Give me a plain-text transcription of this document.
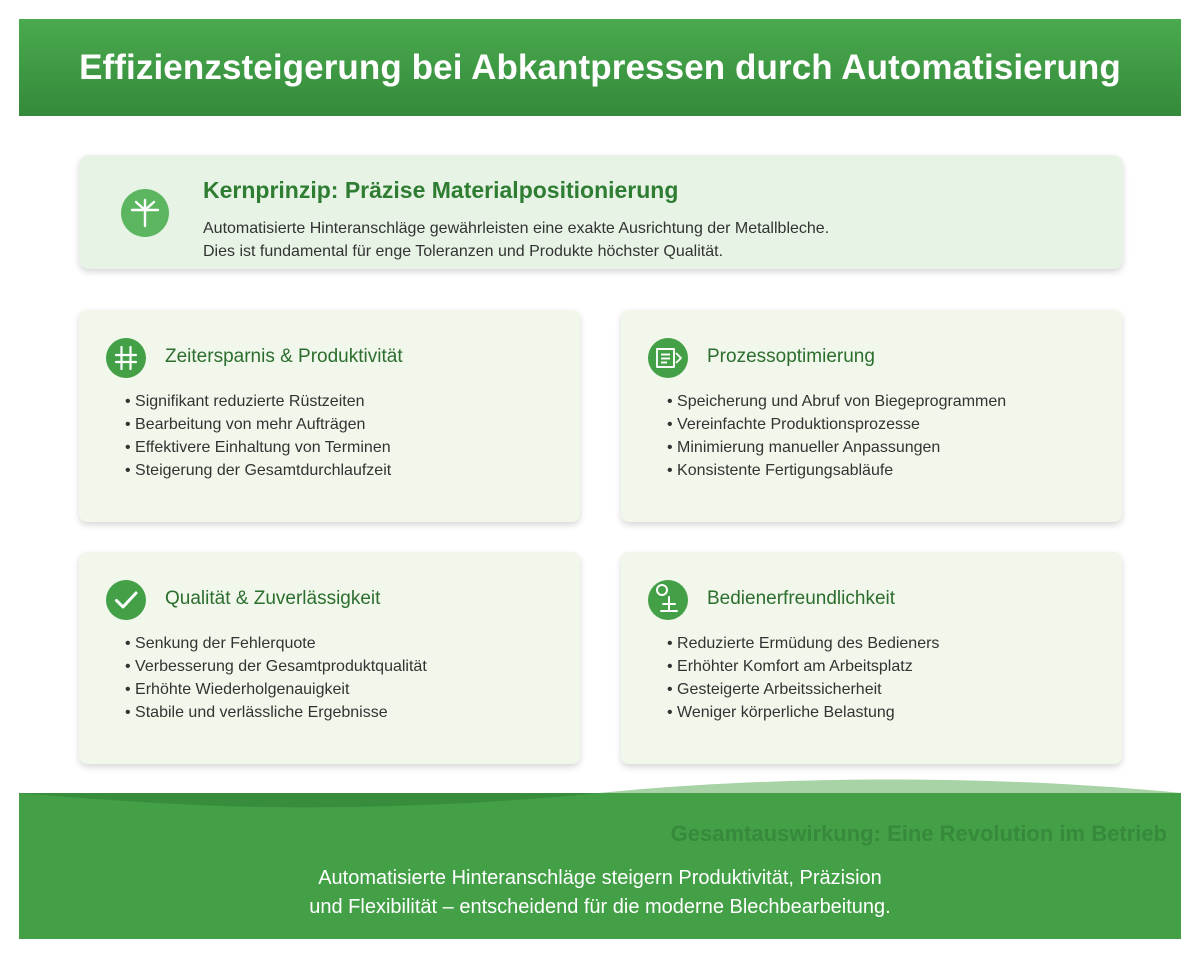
Effizienzsteigerung bei Abkantpressen durch Automatisierung
Kernprinzip: Präzise Materialpositionierung

Automatisierte Hinteranschläge gewährleisten eine exakte Ausrichtung der Metallbleche.
Dies ist fundamental für enge Toleranzen und Produkte höchster Qualität.

Zeitersparnis & Produktivität
• Signifikant reduzierte Rüstzeiten
• Bearbeitung von mehr Aufträgen
• Effektivere Einhaltung von Terminen
• Steigerung der Gesamtdurchlaufzeit
Prozessoptimierung
• Speicherung und Abruf von Biegeprogrammen
• Vereinfachte Produktionsprozesse
• Minimierung manueller Anpassungen
• Konsistente Fertigungsabläufe
Qualität & Zuverlässigkeit
• Senkung der Fehlerquote
• Verbesserung der Gesamtproduktqualität
• Erhöhte Wiederholgenauigkeit
• Stabile und verlässliche Ergebnisse
Bedienerfreundlichkeit
• Reduzierte Ermüdung des Bedieners
• Erhöhter Komfort am Arbeitsplatz
• Gesteigerte Arbeitssicherheit
• Weniger körperliche Belastung
Gesamtauswirkung: Eine Revolution im Betrieb

Automatisierte Hinteranschläge steigern Produktivität, Präzision
und Flexibilität – entscheidend für die moderne Blechbearbeitung.
